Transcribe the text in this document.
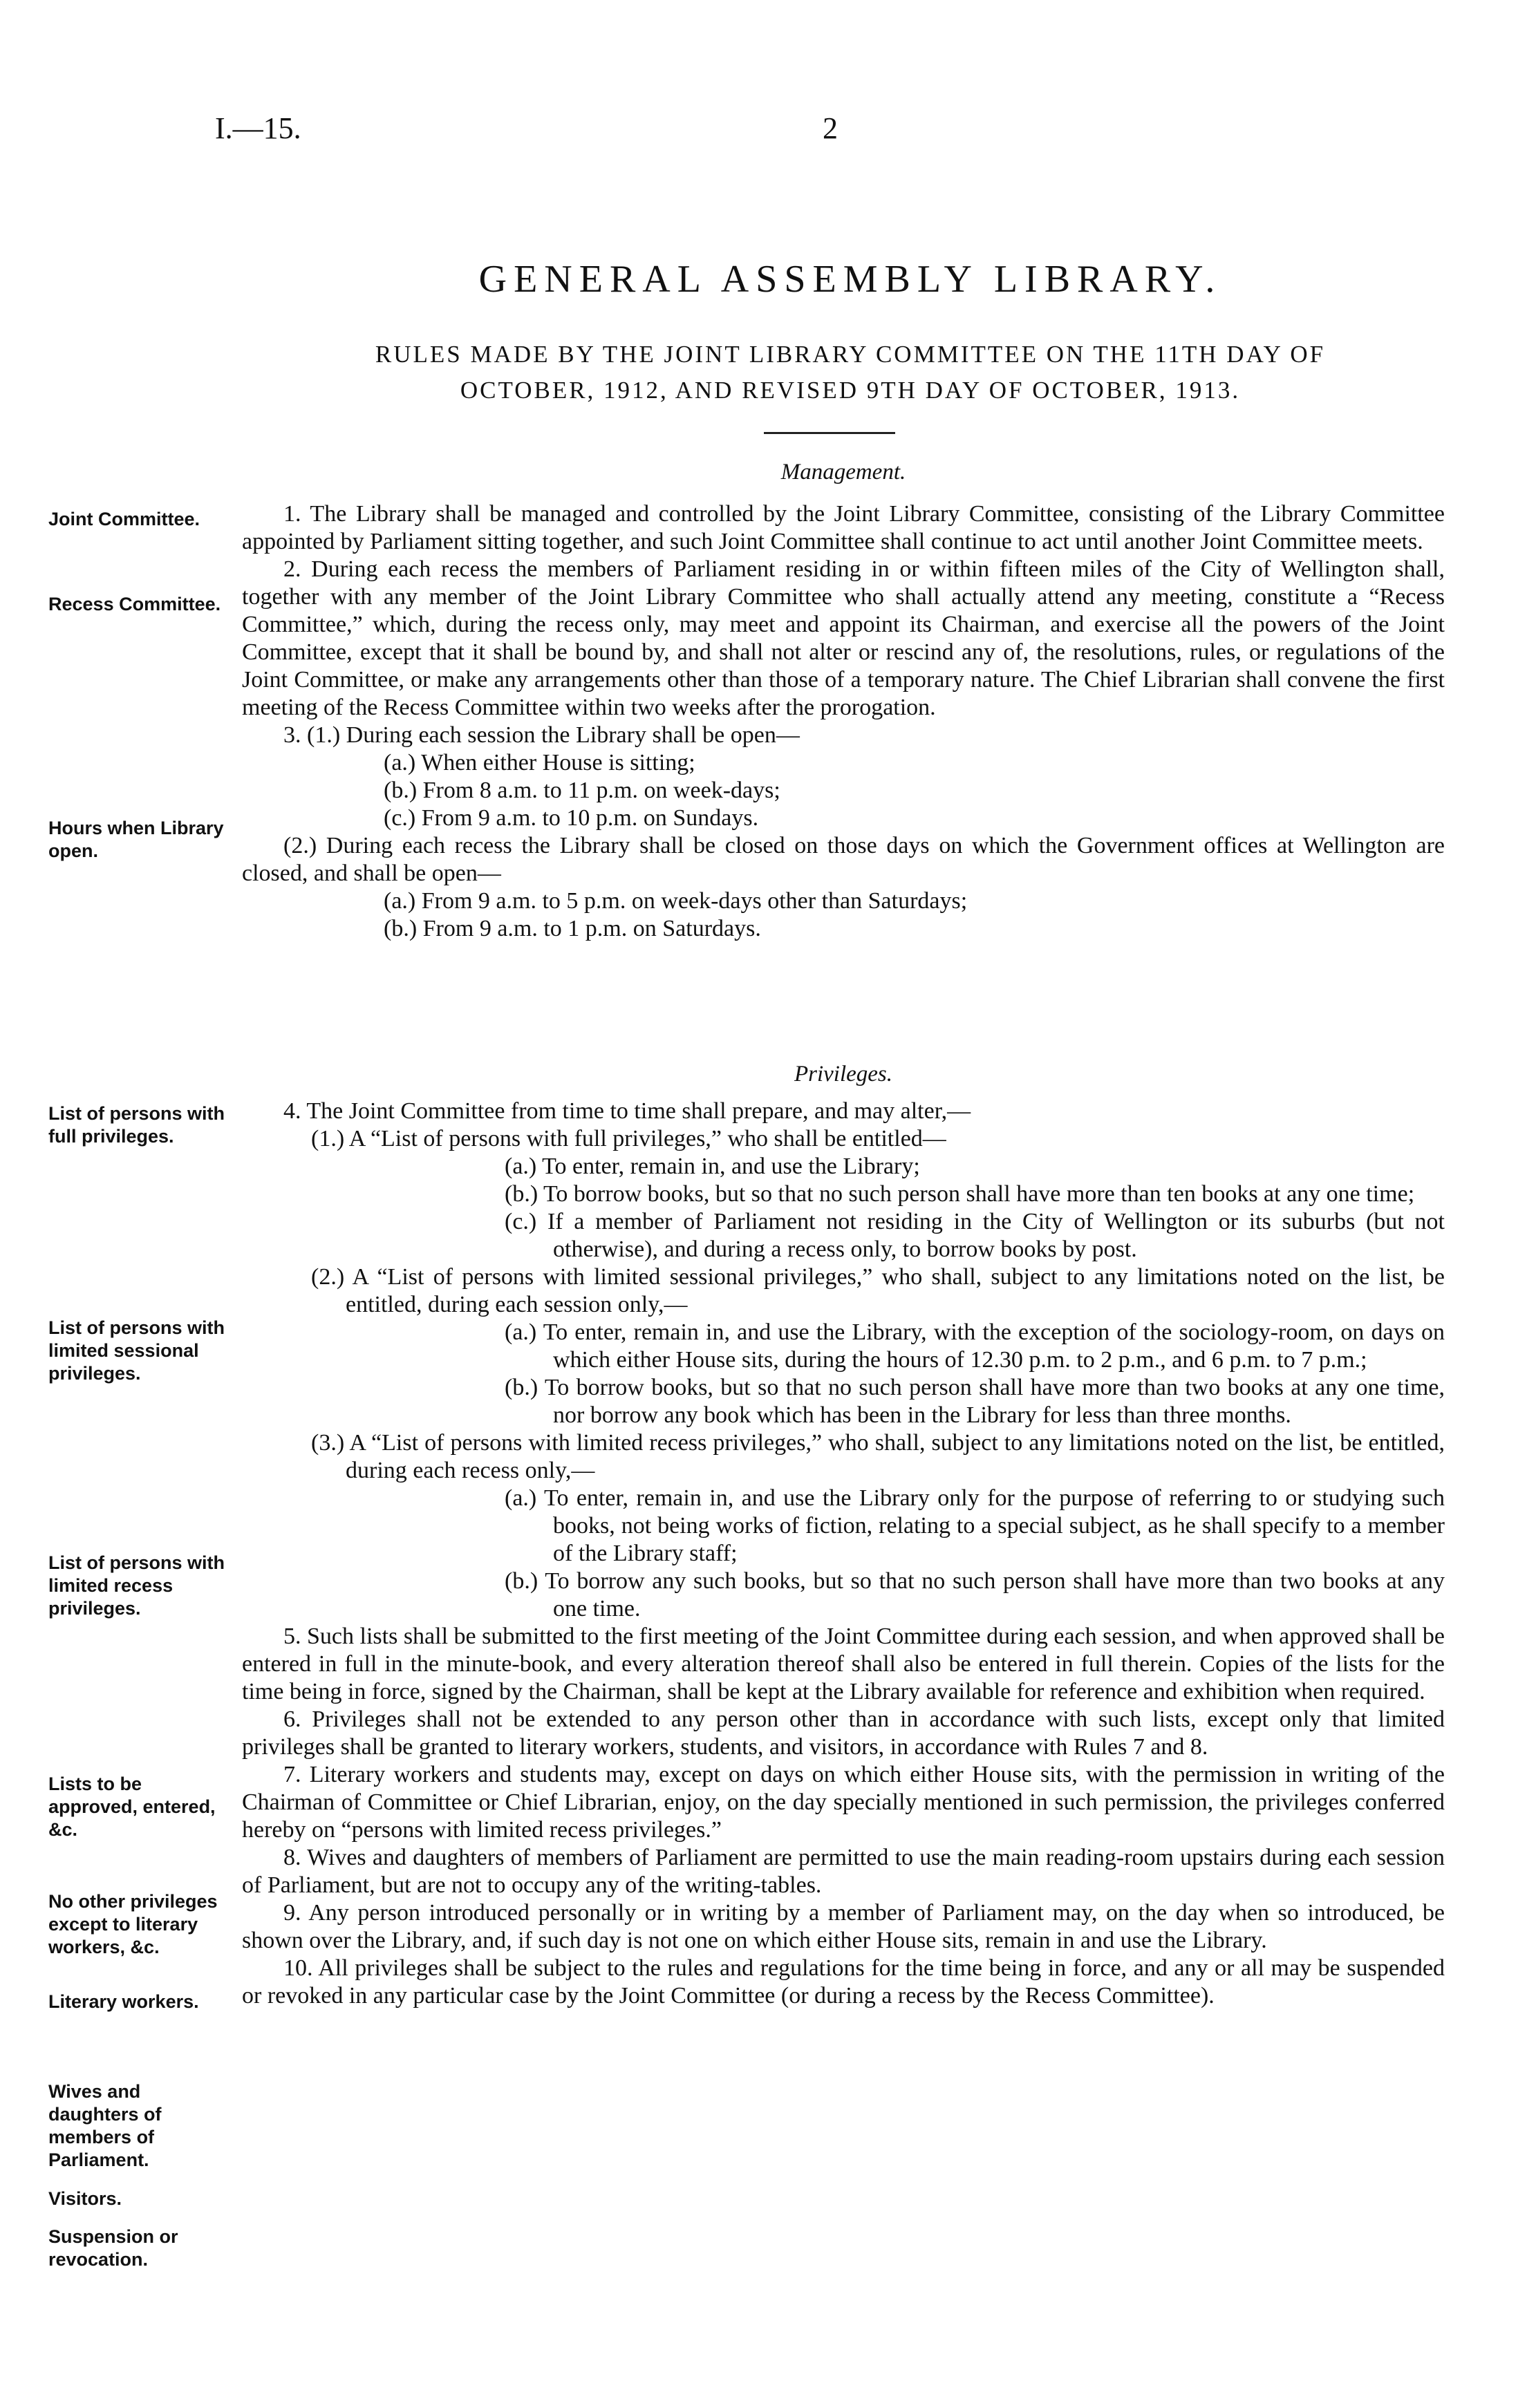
I.—15.	2
GENERAL ASSEMBLY LIBRARY.
RULES MADE BY THE JOINT LIBRARY COMMITTEE ON THE 11TH DAY OF
OCTOBER, 1912, AND REVISED 9TH DAY OF OCTOBER, 1913.
Management.
Joint Committee.
Recess Committee.
Hours when Library open.

1. The Library shall be managed and controlled by the Joint Library Committee, consisting of the Library Committee appointed by Parliament sitting together, and such Joint Committee shall continue to act until another Joint Committee meets.

2. During each recess the members of Parliament residing in or within fifteen miles of the City of Wellington shall, together with any member of the Joint Library Committee who shall actually attend any meeting, constitute a “Recess Committee,” which, during the recess only, may meet and appoint its Chairman, and exercise all the powers of the Joint Committee, except that it shall be bound by, and shall not alter or rescind any of, the resolutions, rules, or regulations of the Joint Committee, or make any arrangements other than those of a temporary nature. The Chief Librarian shall convene the first meeting of the Recess Committee within two weeks after the prorogation.

3. (1.) During each session the Library shall be open—

(a.) When either House is sitting;

(b.) From 8 a.m. to 11 p.m. on week-days;

(c.) From 9 a.m. to 10 p.m. on Sundays.

(2.) During each recess the Library shall be closed on those days on which the Government offices at Wellington are closed, and shall be open—

(a.) From 9 a.m. to 5 p.m. on week-days other than Saturdays;

(b.) From 9 a.m. to 1 p.m. on Saturdays.

Privileges.
List of persons with full privileges.
List of persons with limited sessional privileges.
List of persons with limited recess privileges.
Lists to be approved, entered, &c.
No other privileges except to literary workers, &c.
Literary workers.
Wives and daughters of members of Parliament.
Visitors.
Suspension or revocation.

4. The Joint Committee from time to time shall prepare, and may alter,—

(1.) A “List of persons with full privileges,” who shall be entitled—

(a.) To enter, remain in, and use the Library;

(b.) To borrow books, but so that no such person shall have more than ten books at any one time;

(c.) If a member of Parliament not residing in the City of Wellington or its suburbs (but not otherwise), and during a recess only, to borrow books by post.

(2.) A “List of persons with limited sessional privileges,” who shall, subject to any limitations noted on the list, be entitled, during each session only,—

(a.) To enter, remain in, and use the Library, with the exception of the sociology-room, on days on which either House sits, during the hours of 12.30 p.m. to 2 p.m., and 6 p.m. to 7 p.m.;

(b.) To borrow books, but so that no such person shall have more than two books at any one time, nor borrow any book which has been in the Library for less than three months.

(3.) A “List of persons with limited recess privileges,” who shall, subject to any limitations noted on the list, be entitled, during each recess only,—

(a.) To enter, remain in, and use the Library only for the purpose of referring to or studying such books, not being works of fiction, relating to a special subject, as he shall specify to a member of the Library staff;

(b.) To borrow any such books, but so that no such person shall have more than two books at any one time.

5. Such lists shall be submitted to the first meeting of the Joint Committee during each session, and when approved shall be entered in full in the minute-book, and every alteration thereof shall also be entered in full therein. Copies of the lists for the time being in force, signed by the Chairman, shall be kept at the Library available for reference and exhibition when required.

6. Privileges shall not be extended to any person other than in accordance with such lists, except only that limited privileges shall be granted to literary workers, students, and visitors, in accordance with Rules 7 and 8.

7. Literary workers and students may, except on days on which either House sits, with the permission in writing of the Chairman of Committee or Chief Librarian, enjoy, on the day specially mentioned in such permission, the privileges conferred hereby on “persons with limited recess privileges.”

8. Wives and daughters of members of Parliament are permitted to use the main reading-room upstairs during each session of Parliament, but are not to occupy any of the writing-tables.

9. Any person introduced personally or in writing by a member of Parliament may, on the day when so introduced, be shown over the Library, and, if such day is not one on which either House sits, remain in and use the Library.

10. All privileges shall be subject to the rules and regulations for the time being in force, and any or all may be suspended or revoked in any particular case by the Joint Committee (or during a recess by the Recess Committee).
